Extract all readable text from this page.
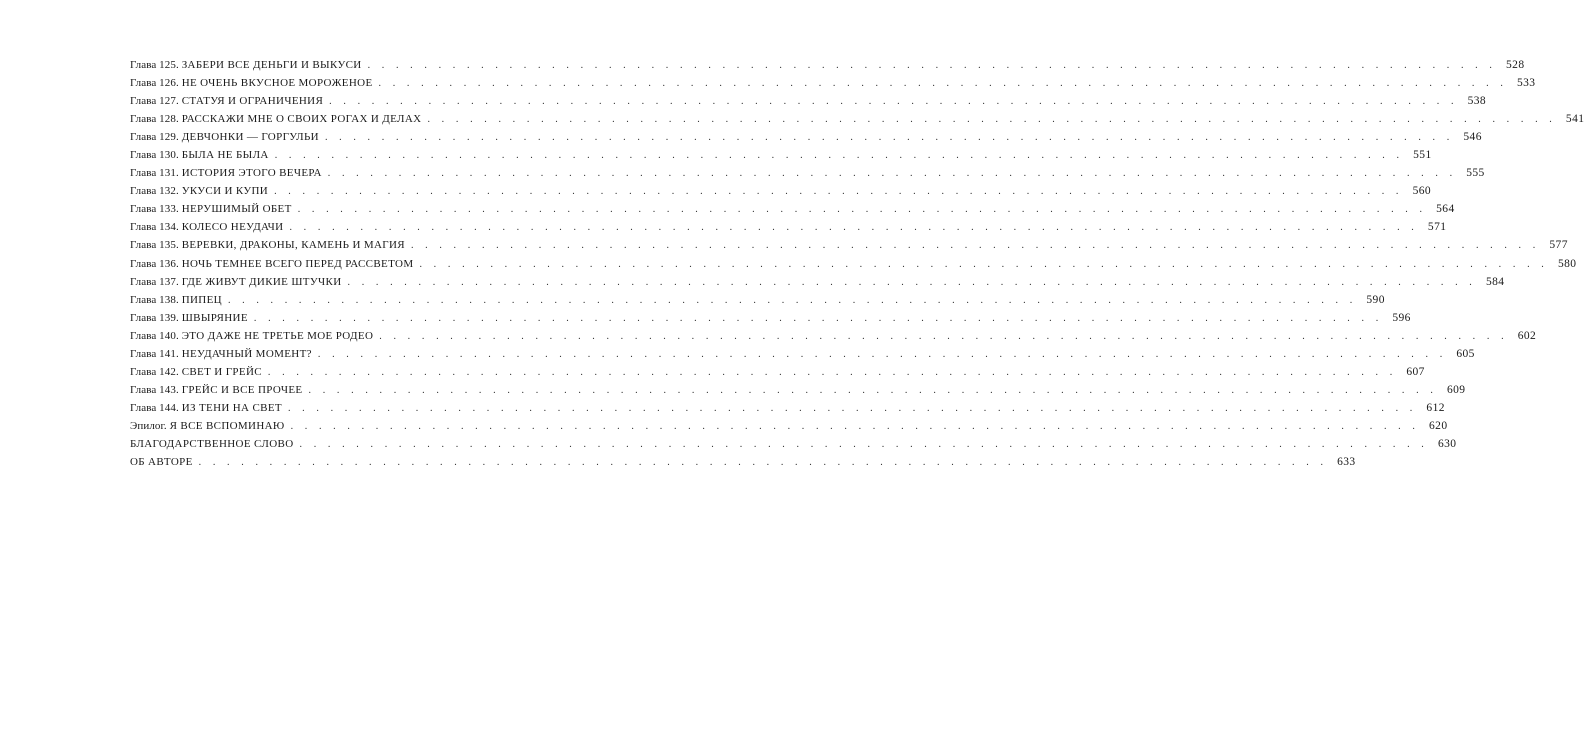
Глава 125. ЗАБЕРИ ВСЕ ДЕНЬГИ И ВЫКУСИ . . . . . . . . . . . . . . . . . . . . . . . . . . . . . . . . . . . . . . . . . . . . . . . . . . . . . . . . . . . . . . . . . . . . . . . . . . . . . . . . 528
Глава 126. НЕ ОЧЕНЬ ВКУСНОЕ МОРОЖЕНОЕ . . . . . . . . . . . . . . . . . . . . . . . . . . . . . . . . . . . . . . . . . . . . . . . . . . . . . . . . . . . . . . . . . . . . . . . . . . . . . . . . 533
Глава 127. СТАТУЯ И ОГРАНИЧЕНИЯ . . . . . . . . . . . . . . . . . . . . . . . . . . . . . . . . . . . . . . . . . . . . . . . . . . . . . . . . . . . . . . . . . . . . . . . . . . . . . . . . 538
Глава 128. РАССКАЖИ МНЕ О СВОИХ РОГАХ И ДЕЛАХ . . . . . . . . . . . . . . . . . . . . . . . . . . . . . . . . . . . . . . . . . . . . . . . . . . . . . . . . . . . . . . . . . . . . . . . . . . . . . . . . 541
Глава 129. ДЕВЧОНКИ — ГОРГУЛЬИ . . . . . . . . . . . . . . . . . . . . . . . . . . . . . . . . . . . . . . . . . . . . . . . . . . . . . . . . . . . . . . . . . . . . . . . . . . . . . . . . 546
Глава 130. БЫЛА НЕ БЫЛА . . . . . . . . . . . . . . . . . . . . . . . . . . . . . . . . . . . . . . . . . . . . . . . . . . . . . . . . . . . . . . . . . . . . . . . . . . . . . . . . 551
Глава 131. ИСТОРИЯ ЭТОГО ВЕЧЕРА . . . . . . . . . . . . . . . . . . . . . . . . . . . . . . . . . . . . . . . . . . . . . . . . . . . . . . . . . . . . . . . . . . . . . . . . . . . . . . . . 555
Глава 132. УКУСИ И КУПИ . . . . . . . . . . . . . . . . . . . . . . . . . . . . . . . . . . . . . . . . . . . . . . . . . . . . . . . . . . . . . . . . . . . . . . . . . . . . . . . . 560
Глава 133. НЕРУШИМЫЙ ОБЕТ . . . . . . . . . . . . . . . . . . . . . . . . . . . . . . . . . . . . . . . . . . . . . . . . . . . . . . . . . . . . . . . . . . . . . . . . . . . . . . . . 564
Глава 134. КОЛЕСО НЕУДАЧИ . . . . . . . . . . . . . . . . . . . . . . . . . . . . . . . . . . . . . . . . . . . . . . . . . . . . . . . . . . . . . . . . . . . . . . . . . . . . . . . . 571
Глава 135. ВЕРЕВКИ, ДРАКОНЫ, КАМЕНЬ И МАГИЯ . . . . . . . . . . . . . . . . . . . . . . . . . . . . . . . . . . . . . . . . . . . . . . . . . . . . . . . . . . . . . . . . . . . . . . . . . . . . . . . . 577
Глава 136. НОЧЬ ТЕМНЕЕ ВСЕГО ПЕРЕД РАССВЕТОМ . . . . . . . . . . . . . . . . . . . . . . . . . . . . . . . . . . . . . . . . . . . . . . . . . . . . . . . . . . . . . . . . . . . . . . . . . . . . . . . . 580
Глава 137. ГДЕ ЖИВУТ ДИКИЕ ШТУЧКИ . . . . . . . . . . . . . . . . . . . . . . . . . . . . . . . . . . . . . . . . . . . . . . . . . . . . . . . . . . . . . . . . . . . . . . . . . . . . . . . . 584
Глава 138. ПИПЕЦ . . . . . . . . . . . . . . . . . . . . . . . . . . . . . . . . . . . . . . . . . . . . . . . . . . . . . . . . . . . . . . . . . . . . . . . . . . . . . . . . 590
Глава 139. ШВЫРЯНИЕ . . . . . . . . . . . . . . . . . . . . . . . . . . . . . . . . . . . . . . . . . . . . . . . . . . . . . . . . . . . . . . . . . . . . . . . . . . . . . . . . 596
Глава 140. ЭТО ДАЖЕ НЕ ТРЕТЬЕ МОЕ РОДЕО . . . . . . . . . . . . . . . . . . . . . . . . . . . . . . . . . . . . . . . . . . . . . . . . . . . . . . . . . . . . . . . . . . . . . . . . . . . . . . . . 602
Глава 141. НЕУДАЧНЫЙ МОМЕНТ? . . . . . . . . . . . . . . . . . . . . . . . . . . . . . . . . . . . . . . . . . . . . . . . . . . . . . . . . . . . . . . . . . . . . . . . . . . . . . . . . 605
Глава 142. СВЕТ И ГРЕЙС . . . . . . . . . . . . . . . . . . . . . . . . . . . . . . . . . . . . . . . . . . . . . . . . . . . . . . . . . . . . . . . . . . . . . . . . . . . . . . . . 607
Глава 143. ГРЕЙС И ВСЕ ПРОЧЕЕ . . . . . . . . . . . . . . . . . . . . . . . . . . . . . . . . . . . . . . . . . . . . . . . . . . . . . . . . . . . . . . . . . . . . . . . . . . . . . . . . 609
Глава 144. ИЗ ТЕНИ НА СВЕТ . . . . . . . . . . . . . . . . . . . . . . . . . . . . . . . . . . . . . . . . . . . . . . . . . . . . . . . . . . . . . . . . . . . . . . . . . . . . . . . . 612
Эпилог. Я ВСЕ ВСПОМИНАЮ . . . . . . . . . . . . . . . . . . . . . . . . . . . . . . . . . . . . . . . . . . . . . . . . . . . . . . . . . . . . . . . . . . . . . . . . . . . . . . . . 620
БЛАГОДАРСТВЕННОЕ СЛОВО . . . . . . . . . . . . . . . . . . . . . . . . . . . . . . . . . . . . . . . . . . . . . . . . . . . . . . . . . . . . . . . . . . . . . . . . . . . . . . . . 630
ОБ АВТОРЕ . . . . . . . . . . . . . . . . . . . . . . . . . . . . . . . . . . . . . . . . . . . . . . . . . . . . . . . . . . . . . . . . . . . . . . . . . . . . . . . . 633
